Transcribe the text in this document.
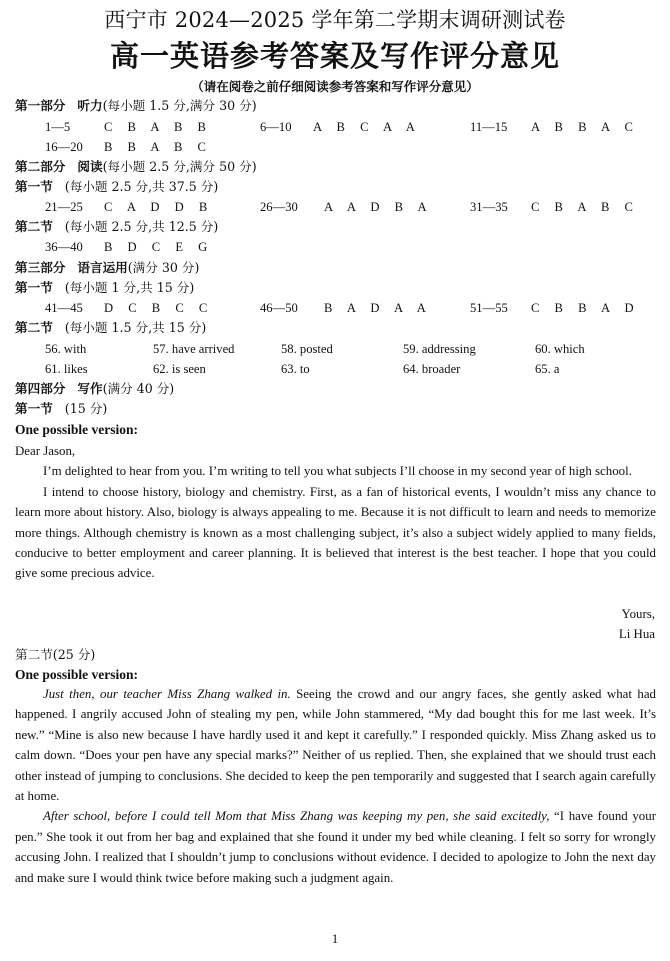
西宁市 2024—2025 学年第二学期末调研测试卷
高一英语参考答案及写作评分意见
（请在阅卷之前仔细阅读参考答案和写作评分意见）
第一部分 听力(每小题 1.5 分,满分 30 分)
1—5	C B A B B	6—10 A B C A A	11—15 A B B A C
16—20 B B A B C
第二部分 阅读(每小题 2.5 分,满分 50 分)
第一节 (每小题 2.5 分,共 37.5 分)
21—25 C A D D B	26—30 A A D B A	31—35 C B A B C
第二节 (每小题 2.5 分,共 12.5 分)
36—40 B D C E G
第三部分 语言运用(满分 30 分)
第一节 (每小题 1 分,共 15 分)
41—45 D C B C C	46—50 B A D A A	51—55 C B B A D
第二节 (每小题 1.5 分,共 15 分)
56. with	57. have arrived	58. posted	59. addressing	60. which
61. likes	62. is seen	63. to	64. broader	65. a
第四部分 写作(满分 40 分)
第一节 (15 分)
One possible version:
Dear Jason,
I’m delighted to hear from you. I’m writing to tell you what subjects I’ll choose in my second year of high school.
I intend to choose history, biology and chemistry. First, as a fan of historical events, I wouldn’t miss any chance to learn more about history. Also, biology is always appealing to me. Because it is not difficult to learn and needs to memorize more things. Although chemistry is known as a most challenging subject, it’s also a subject widely applied to many fields, conducive to better employment and career planning. It is believed that interest is the best teacher. I hope that you could give some precious advice.
Yours,
Li Hua
第二节(25 分)
One possible version:
Just then, our teacher Miss Zhang walked in. Seeing the crowd and our angry faces, she gently asked what had happened. I angrily accused John of stealing my pen, while John stammered, “My dad bought this for me last week. It’s new.” “Mine is also new because I have hardly used it and kept it carefully.” I responded quickly. Miss Zhang asked us to calm down. “Does your pen have any special marks?” Neither of us replied. Then, she explained that we should trust each other instead of jumping to conclusions. She decided to keep the pen temporarily and suggested that I search again carefully at home.
After school, before I could tell Mom that Miss Zhang was keeping my pen, she said excitedly, “I have found your pen.” She took it out from her bag and explained that she found it under my bed while cleaning. I felt so sorry for wrongly accusing John. I realized that I shouldn’t jump to conclusions without evidence. I decided to apologize to John the next day and make sure I would think twice before making such a judgment again.
1
